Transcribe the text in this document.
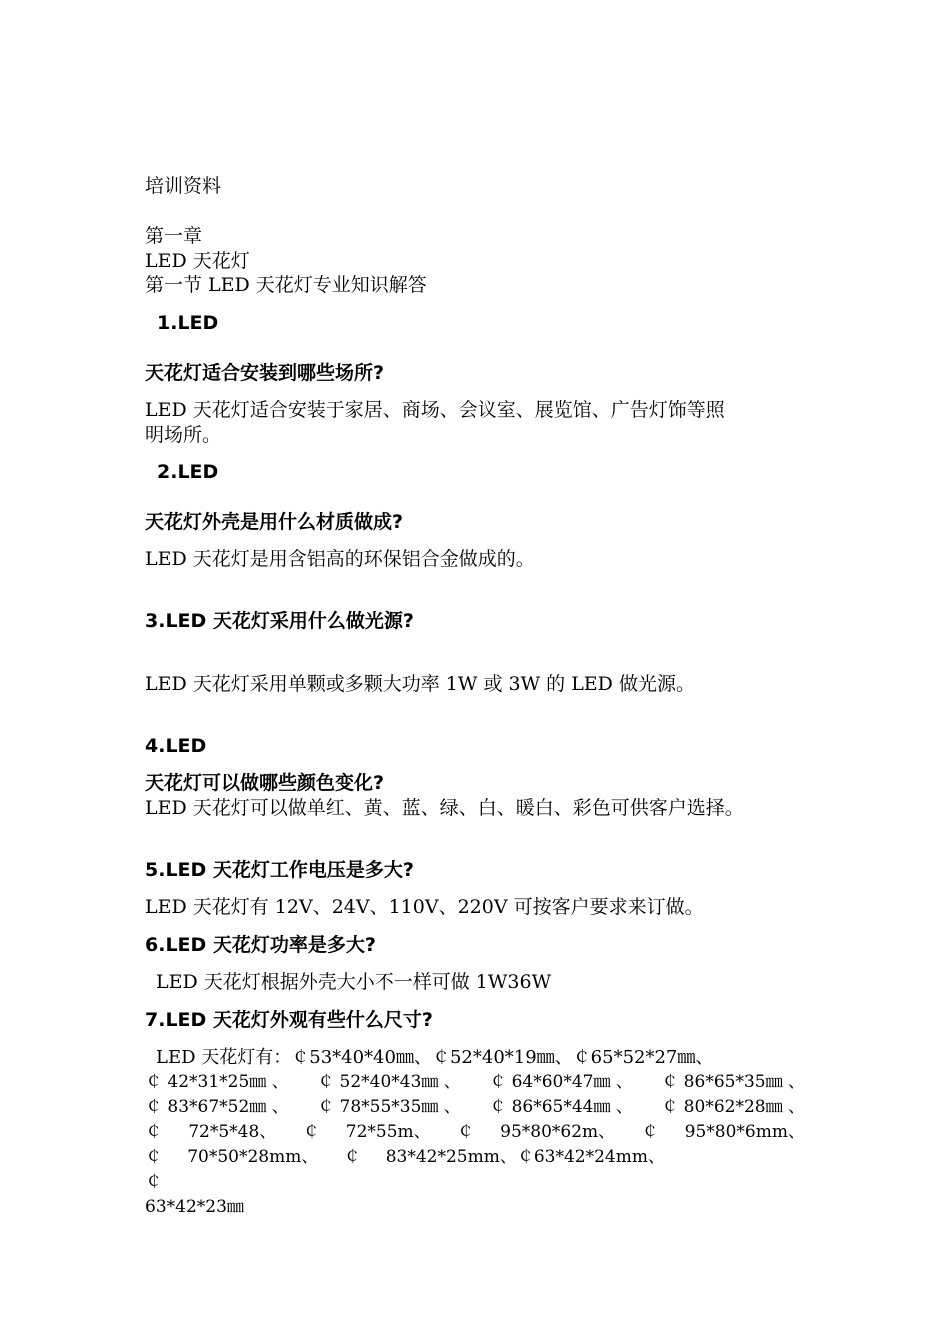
培训资料
第一章
LED 天花灯
第一节 LED 天花灯专业知识解答
1.LED
天花灯适合安装到哪些场所?
LED 天花灯适合安装于家居、商场、会议室、展览馆、广告灯饰等照
明场所。
2.LED
天花灯外壳是用什么材质做成?
LED 天花灯是用含铝高的环保铝合金做成的。
3.LED 天花灯采用什么做光源?
LED 天花灯采用单颗或多颗大功率 1W 或 3W 的 LED 做光源。
4.LED
天花灯可以做哪些颜色变化?
LED 天花灯可以做单红、黄、蓝、绿、白、暖白、彩色可供客户选择。
5.LED 天花灯工作电压是多大?
LED 天花灯有 12V、24V、110V、220V 可按客户要求来订做。
6.LED 天花灯功率是多大?
LED 天花灯根据外壳大小不一样可做 1W36W
7.LED 天花灯外观有些什么尺寸?
LED 天花灯有：￠53*40*40㎜、￠52*40*19㎜、￠65*52*27㎜、
￠ 42*31*25㎜ 、 ￠ 52*40*43㎜ 、 ￠ 64*60*47㎜ 、 ￠ 86*65*35㎜ 、
￠ 83*67*52㎜ 、 ￠ 78*55*35㎜ 、 ￠ 86*65*44㎜ 、 ￠ 80*62*28㎜ 、
￠ 72*5*48、 ￠ 72*55m、 ￠ 95*80*62m、 ￠ 95*80*6mm、
￠ 70*50*28mm、 ￠ 83*42*25mm、￠63*42*24mm、
￠
63*42*23㎜
